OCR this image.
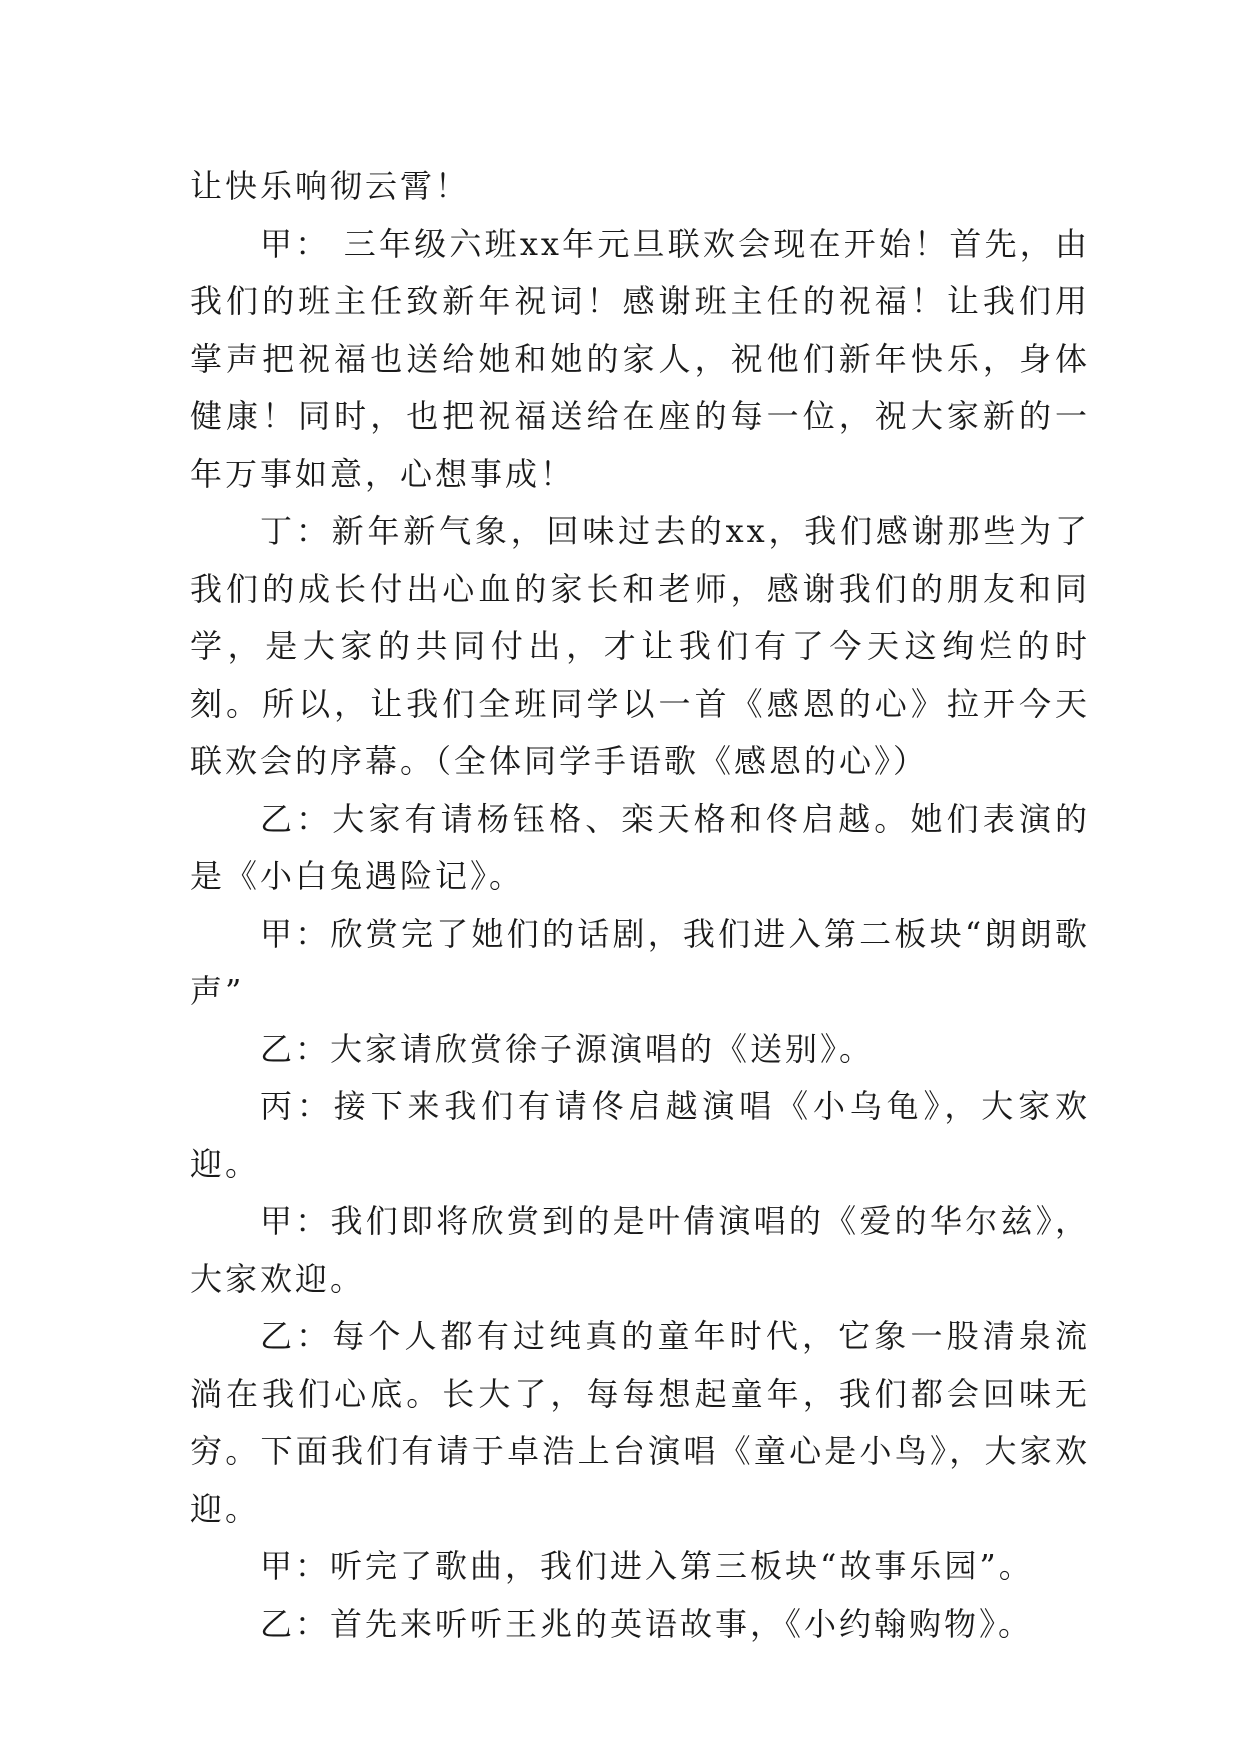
让快乐响彻云霄！

甲： 三年级六班xx年元旦联欢会现在开始！首先，由我们的班主任致新年祝词！感谢班主任的祝福！让我们用掌声把祝福也送给她和她的家人，祝他们新年快乐，身体健康！同时，也把祝福送给在座的每一位，祝大家新的一年万事如意，心想事成！

丁：新年新气象，回味过去的xx，我们感谢那些为了我们的成长付出心血的家长和老师，感谢我们的朋友和同学，是大家的共同付出，才让我们有了今天这绚烂的时刻。所以，让我们全班同学以一首《感恩的心》拉开今天联欢会的序幕。（全体同学手语歌《感恩的心》）

乙：大家有请杨钰格、栾天格和佟启越。她们表演的是《小白兔遇险记》。

甲：欣赏完了她们的话剧，我们进入第二板块“朗朗歌声”

乙：大家请欣赏徐子源演唱的《送别》。

丙：接下来我们有请佟启越演唱《小乌龟》，大家欢迎。

甲：我们即将欣赏到的是叶倩演唱的《爱的华尔兹》，大家欢迎。

乙：每个人都有过纯真的童年时代，它象一股清泉流淌在我们心底。长大了，每每想起童年，我们都会回味无穷。下面我们有请于卓浩上台演唱《童心是小鸟》，大家欢迎。

甲：听完了歌曲，我们进入第三板块“故事乐园”。

乙：首先来听听王兆的英语故事，《小约翰购物》。
